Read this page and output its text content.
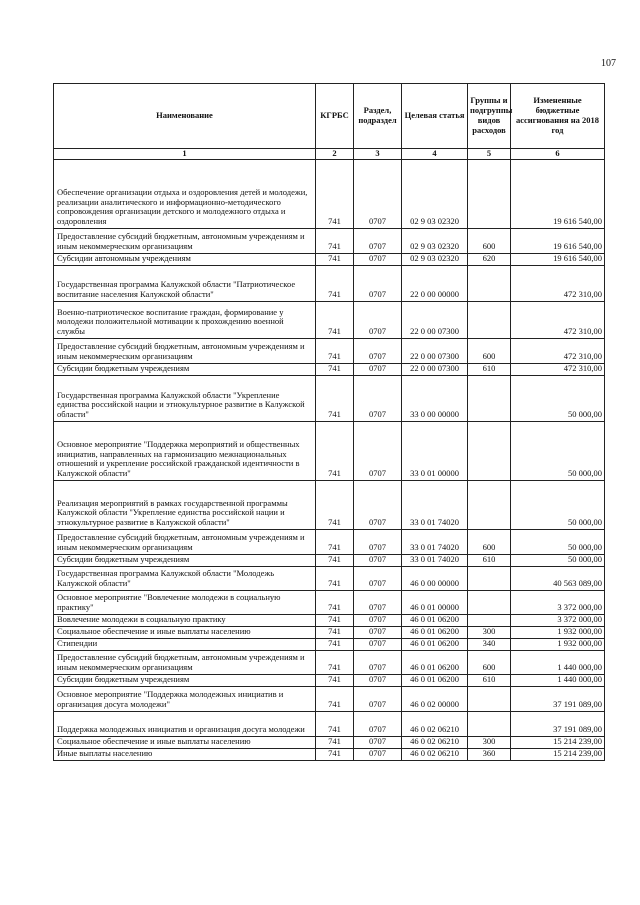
107
Наименование	КГРБС	Раздел, подраздел	Целевая статья	Группы и подгруппы видов расходов	Измененные бюджетные ассигнования на 2018 год
1	2	3	4	5	6
Обеспечение организации отдыха и оздоровления детей и молодежи, реализации аналитического и информационно-методического сопровождения организации детского и молодежного отдыха и оздоровления	741	0707	02 9 03 02320		19 616 540,00
Предоставление субсидий бюджетным, автономным учреждениям и иным некоммерческим организациям	741	0707	02 9 03 02320	600	19 616 540,00
Субсидии автономным учреждениям	741	0707	02 9 03 02320	620	19 616 540,00
Государственная программа Калужской области "Патриотическое воспитание населения Калужской области"	741	0707	22 0 00 00000		472 310,00
Военно-патриотическое воспитание граждан, формирование у молодежи положительной мотивации к прохождению военной службы	741	0707	22 0 00 07300		472 310,00
Предоставление субсидий бюджетным, автономным учреждениям и иным некоммерческим организациям	741	0707	22 0 00 07300	600	472 310,00
Субсидии бюджетным учреждениям	741	0707	22 0 00 07300	610	472 310,00
Государственная программа Калужской области "Укрепление единства российской нации и этнокультурное развитие в Калужской области"	741	0707	33 0 00 00000		50 000,00
Основное мероприятие "Поддержка мероприятий и общественных инициатив, направленных на гармонизацию межнациональных отношений и укрепление российской гражданской идентичности в Калужской области"	741	0707	33 0 01 00000		50 000,00
Реализация мероприятий в рамках государственной программы Калужской области "Укрепление единства российской нации и этнокультурное развитие в Калужской области"	741	0707	33 0 01 74020		50 000,00
Предоставление субсидий бюджетным, автономным учреждениям и иным некоммерческим организациям	741	0707	33 0 01 74020	600	50 000,00
Субсидии бюджетным учреждениям	741	0707	33 0 01 74020	610	50 000,00
Государственная программа Калужской области "Молодежь Калужской области"	741	0707	46 0 00 00000		40 563 089,00
Основное мероприятие "Вовлечение молодежи в социальную практику"	741	0707	46 0 01 00000		3 372 000,00
Вовлечение молодежи в социальную практику	741	0707	46 0 01 06200		3 372 000,00
Социальное обеспечение и иные выплаты населению	741	0707	46 0 01 06200	300	1 932 000,00
Стипендии	741	0707	46 0 01 06200	340	1 932 000,00
Предоставление субсидий бюджетным, автономным учреждениям и иным некоммерческим организациям	741	0707	46 0 01 06200	600	1 440 000,00
Субсидии бюджетным учреждениям	741	0707	46 0 01 06200	610	1 440 000,00
Основное мероприятие "Поддержка молодежных инициатив и организация досуга молодежи"	741	0707	46 0 02 00000		37 191 089,00
Поддержка молодежных инициатив и организация досуга молодежи	741	0707	46 0 02 06210		37 191 089,00
Социальное обеспечение и иные выплаты населению	741	0707	46 0 02 06210	300	15 214 239,00
Иные выплаты населению	741	0707	46 0 02 06210	360	15 214 239,00
